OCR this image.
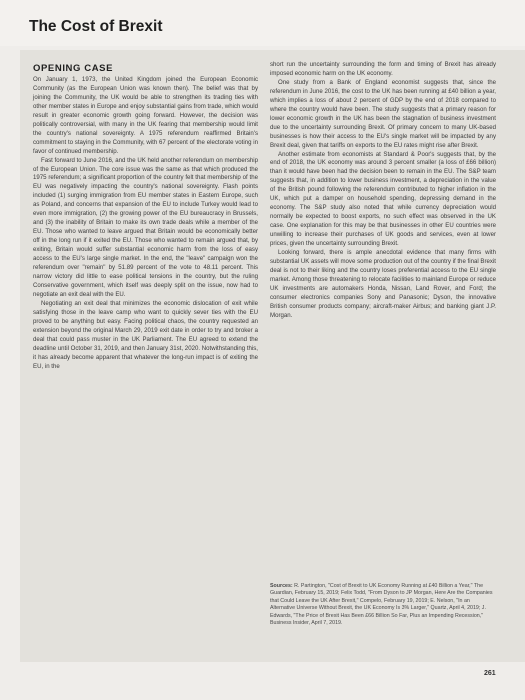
The Cost of Brexit
OPENING CASE

On January 1, 1973, the United Kingdom joined the European Economic Community (as the European Union was known then). The belief was that by joining the Community, the UK would be able to strengthen its trading ties with other member states in Europe and enjoy substantial gains from trade, which would result in greater economic growth going forward. However, the decision was politically controversial, with many in the UK fearing that membership would limit the country's national sovereignty. A 1975 referendum reaffirmed Britain's commitment to staying in the Community, with 67 percent of the electorate voting in favor of continued membership.

Fast forward to June 2016, and the UK held another referendum on membership of the European Union. The core issue was the same as that which produced the 1975 referendum; a significant proportion of the country felt that membership of the EU was negatively impacting the country's national sovereignty. Flash points included (1) surging immigration from EU member states in Eastern Europe, such as Poland, and concerns that expansion of the EU to include Turkey would lead to even more immigration, (2) the growing power of the EU bureaucracy in Brussels, and (3) the inability of Britain to make its own trade deals while a member of the EU. Those who wanted to leave argued that Britain would be economically better off in the long run if it exited the EU. Those who wanted to remain argued that, by exiting, Britain would suffer substantial economic harm from the loss of easy access to the EU's large single market. In the end, the "leave" campaign won the referendum over "remain" by 51.89 percent of the vote to 48.11 percent. This narrow victory did little to ease political tensions in the country, but the ruling Conservative government, which itself was deeply split on the issue, now had to negotiate an exit deal with the EU.

Negotiating an exit deal that minimizes the economic dislocation of exit while satisfying those in the leave camp who want to quickly sever ties with the EU proved to be anything but easy. Facing political chaos, the country requested an extension beyond the original March 29, 2019 exit date in order to try and broker a deal that could pass muster in the UK Parliament. The EU agreed to extend the deadline until October 31, 2019, and then January 31st, 2020. Notwithstanding this, it has already become apparent that whatever the long-run impact is of exiting the EU, in the

short run the uncertainty surrounding the form and timing of Brexit has already imposed economic harm on the UK economy.

One study from a Bank of England economist suggests that, since the referendum in June 2016, the cost to the UK has been running at £40 billion a year, which implies a loss of about 2 percent of GDP by the end of 2018 compared to where the country would have been. The study suggests that a primary reason for lower economic growth in the UK has been the stagnation of business investment due to the uncertainty surrounding Brexit. Of primary concern to many UK-based businesses is how their access to the EU's single market will be impacted by any Brexit deal, given that tariffs on exports to the EU rates might rise after Brexit.

Another estimate from economists at Standard & Poor's suggests that, by the end of 2018, the UK economy was around 3 percent smaller (a loss of £66 billion) than it would have been had the decision been to remain in the EU. The S&P team suggests that, in addition to lower business investment, a depreciation in the value of the British pound following the referendum contributed to higher inflation in the UK, which put a damper on household spending, depressing demand in the economy. The S&P study also noted that while currency depreciation would normally be expected to boost exports, no such effect was observed in the UK case. One explanation for this may be that businesses in other EU countries were unwilling to increase their purchases of UK goods and services, even at lower prices, given the uncertainty surrounding Brexit.

Looking forward, there is ample anecdotal evidence that many firms with substantial UK assets will move some production out of the country if the final Brexit deal is not to their liking and the country loses preferential access to the EU single market. Among those threatening to relocate facilities to mainland Europe or reduce UK investments are automakers Honda, Nissan, Land Rover, and Ford; the consumer electronics companies Sony and Panasonic; Dyson, the innovative British consumer products company; aircraft-maker Airbus; and banking giant J.P. Morgan.

Sources: R. Partington, "Cost of Brexit to UK Economy Running at £40 Billion a Year," The Guardian, February 15, 2019; Felix Todd, "From Dyson to JP Morgan, Here Are the Companies that Could Leave the UK After Brexit," Compelo, February 19, 2019; E. Nelson, "In an Alternative Universe Without Brexit, the UK Economy Is 3% Larger," Quartz, April 4, 2019; J. Edwards, "The Price of Brexit Has Been £66 Billion So Far, Plus an Impending Recession," Business Insider, April 7, 2019.
261
